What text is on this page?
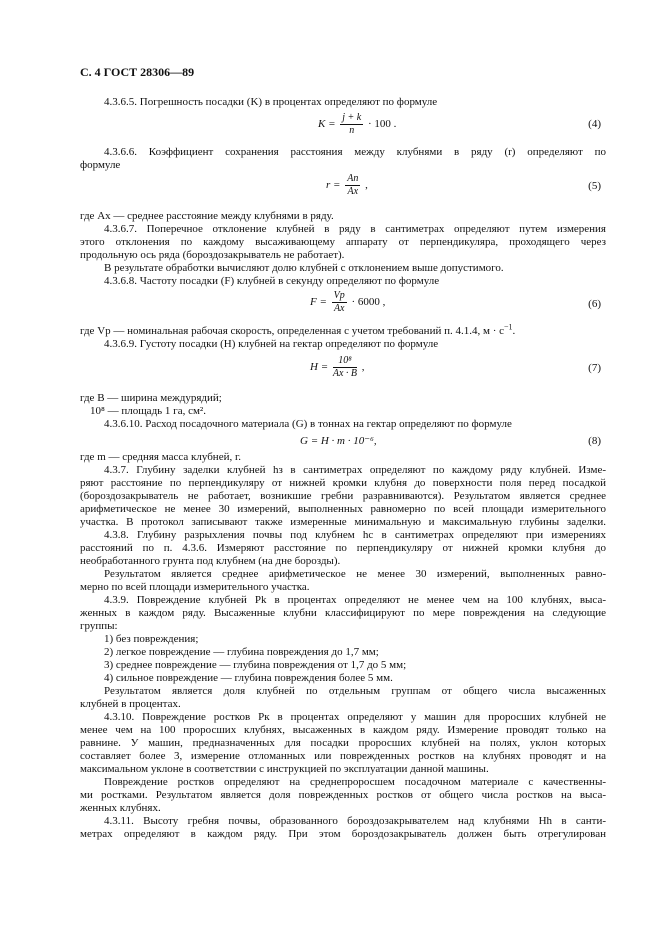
С. 4 ГОСТ 28306—89
4.3.6.5. Погрешность посадки (K) в процентах определяют по формуле
$K = \frac{j + k}{n} \cdot 100$ .	(4)
4.3.6.6. Коэффициент сохранения расстояния между клубнями в ряду (r) определяют по
формуле
$r = \frac{Aп}{Aх}$ ,	(5)
где Aх — среднее расстояние между клубнями в ряду.
4.3.6.7. Поперечное отклонение клубней в ряду в сантиметрах определяют путем измерения
этого отклонения по каждому высаживающему аппарату от перпендикуляра, проходящего через
продольную ось ряда (бороздозакрыватель не работает).
В результате обработки вычисляют долю клубней с отклонением выше допустимого.
4.3.6.8. Частоту посадки (F) клубней в секунду определяют по формуле
$F = \frac{Vр}{Aх} \cdot 6000$ ,	(6)
где Vр — номинальная рабочая скорость, определенная с учетом требований п. 4.1.4, $м \cdot с^{-1}$.
4.3.6.9. Густоту посадки (H) клубней на гектар определяют по формуле
$H = \frac{\text{10⁸}}{Aх \cdot B}$ ,	(7)
где B — ширина междурядий;
10⁸ — площадь 1 га, см².
4.3.6.10. Расход посадочного материала (G) в тоннах на гектар определяют по формуле
G = H · m · 10⁻⁶,	(8)
где m — средняя масса клубней, г.
4.3.7. Глубину заделки клубней hз в сантиметрах определяют по каждому ряду клубней. Изме-
ряют расстояние по перпендикуляру от нижней кромки клубня до поверхности поля перед посадкой
(бороздозакрыватель не работает, возникшие гребни разравниваются). Результатом является среднее
арифметическое не менее 30 измерений, выполненных равномерно по всей площади измерительного
участка. В протокол записывают также измеренные минимальную и максимальную глубины заделки.
4.3.8. Глубину разрыхления почвы под клубнем hс в сантиметрах определяют при измерениях
расстояний по п. 4.3.6. Измеряют расстояние по перпендикуляру от нижней кромки клубня до
необработанного грунта под клубнем (на дне борозды).
Результатом является среднее арифметическое не менее 30 измерений, выполненных равно-
мерно по всей площади измерительного участка.
4.3.9. Повреждение клубней Pk в процентах определяют не менее чем на 100 клубнях, выса-
женных в каждом ряду. Высаженные клубни классифицируют по мере повреждения на следующие
группы:
1) без повреждения;
2) легкое повреждение — глубина повреждения до 1,7 мм;
3) среднее повреждение — глубина повреждения от 1,7 до 5 мм;
4) сильное повреждение — глубина повреждения более 5 мм.
Результатом является доля клубней по отдельным группам от общего числа высаженных
клубней в процентах.
4.3.10. Повреждение ростков Pк в процентах определяют у машин для проросших клубней не
менее чем на 100 проросших клубнях, высаженных в каждом ряду. Измерение проводят только на
равнине. У машин, предназначенных для посадки проросших клубней на полях, уклон которых
составляет более 3, измерение отломанных или поврежденных ростков на клубнях проводят и на
максимальном уклоне в соответствии с инструкцией по эксплуатации данной машины.
Повреждение ростков определяют на среднепроросшем посадочном материале с качественны-
ми ростками. Результатом является доля поврежденных ростков от общего числа ростков на выса-
женных клубнях.
4.3.11. Высоту гребня почвы, образованного бороздозакрывателем над клубнями Hh в санти-
метрах определяют в каждом ряду. При этом бороздозакрыватель должен быть отрегулирован
